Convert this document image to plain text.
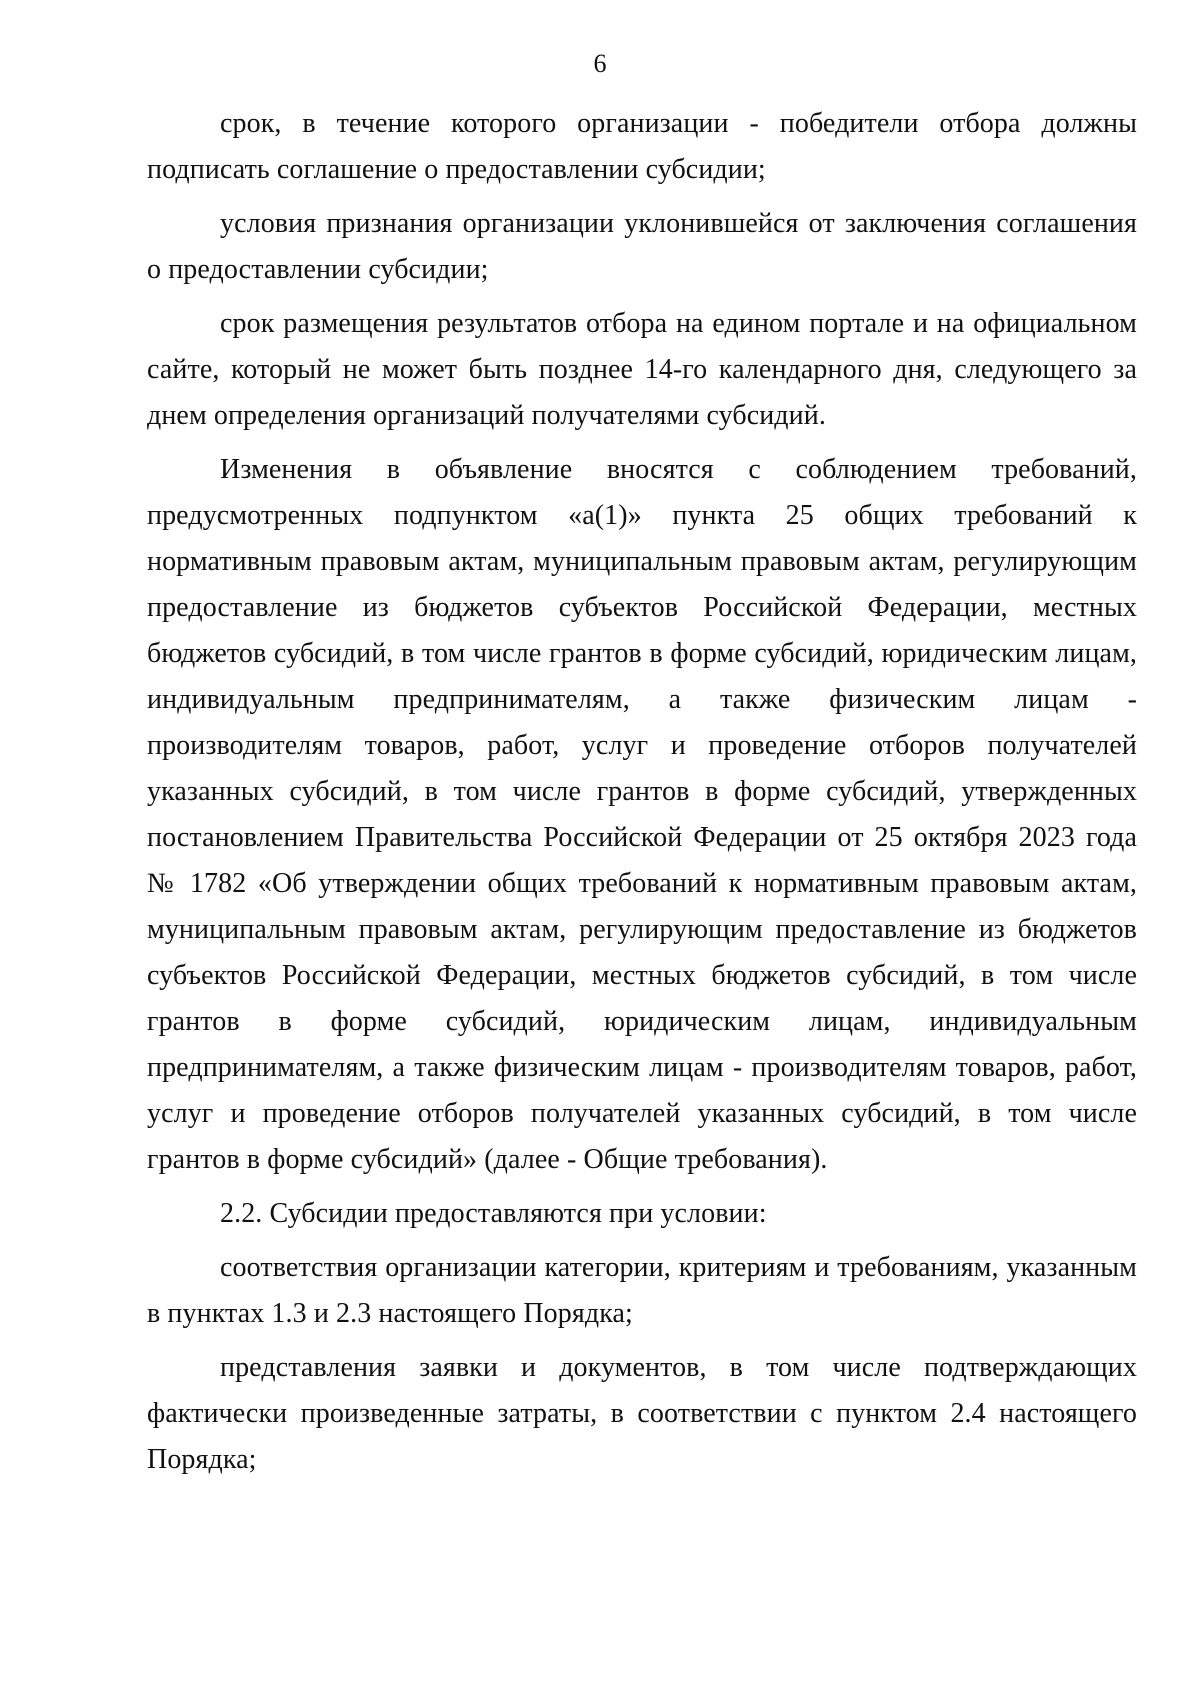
6

срок, в течение которого организации - победители отбора должны подписать соглашение о предоставлении субсидии;

условия признания организации уклонившейся от заключения соглашения о предоставлении субсидии;

срок размещения результатов отбора на едином портале и на официальном сайте, который не может быть позднее 14-го календарного дня, следующего за днем определения организаций получателями субсидий.

Изменения в объявление вносятся с соблюдением требований, предусмотренных подпунктом «а(1)» пункта 25 общих требований к нормативным правовым актам, муниципальным правовым актам, регулирующим предоставление из бюджетов субъектов Российской Федерации, местных бюджетов субсидий, в том числе грантов в форме субсидий, юридическим лицам, индивидуальным предпринимателям, а также физическим лицам - производителям товаров, работ, услуг и проведение отборов получателей указанных субсидий, в том числе грантов в форме субсидий, утвержденных постановлением Правительства Российской Федерации от 25 октября 2023 года № 1782 «Об утверждении общих требований к нормативным правовым актам, муниципальным правовым актам, регулирующим предоставление из бюджетов субъектов Российской Федерации, местных бюджетов субсидий, в том числе грантов в форме субсидий, юридическим лицам, индивидуальным предпринимателям, а также физическим лицам - производителям товаров, работ, услуг и проведение отборов получателей указанных субсидий, в том числе грантов в форме субсидий» (далее - Общие требования).

2.2. Субсидии предоставляются при условии:

соответствия организации категории, критериям и требованиям, указанным в пунктах 1.3 и 2.3 настоящего Порядка;

представления заявки и документов, в том числе подтверждающих фактически произведенные затраты, в соответствии с пунктом 2.4 настоящего Порядка;
